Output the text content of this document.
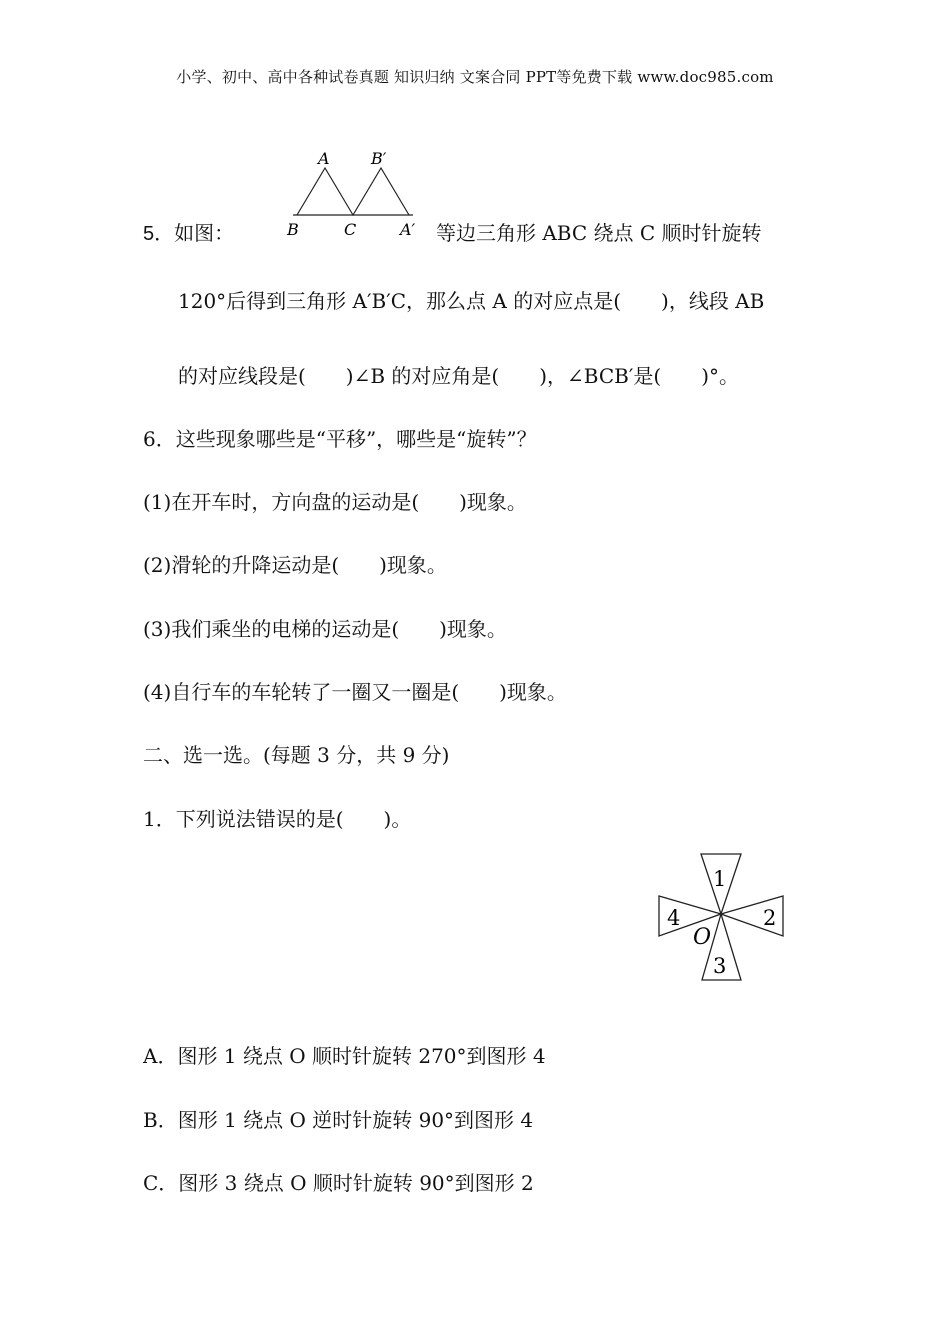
小学、初中、高中各种试卷真题 知识归纳 文案合同 PPT等免费下载 www.doc985.com
5．如图：
A	B′
B	C	A′ 等边三角形 ABC 绕点 C 顺时针旋转
120°后得到三角形 A′B′C，那么点 A 的对应点是(　　)，线段 AB
的对应线段是(　　)∠B 的对应角是(　　)，∠BCB′是(　　)°。
6．这些现象哪些是“平移”，哪些是“旋转”？
(1)在开车时，方向盘的运动是(　　)现象。
(2)滑轮的升降运动是(　　)现象。
(3)我们乘坐的电梯的运动是(　　)现象。
(4)自行车的车轮转了一圈又一圈是(　　)现象。
二、选一选。(每题 3 分，共 9 分)
1．下列说法错误的是(　　)。
1
2
3
4
O
A．图形 1 绕点 O 顺时针旋转 270°到图形 4
B．图形 1 绕点 O 逆时针旋转 90°到图形 4
C．图形 3 绕点 O 顺时针旋转 90°到图形 2
